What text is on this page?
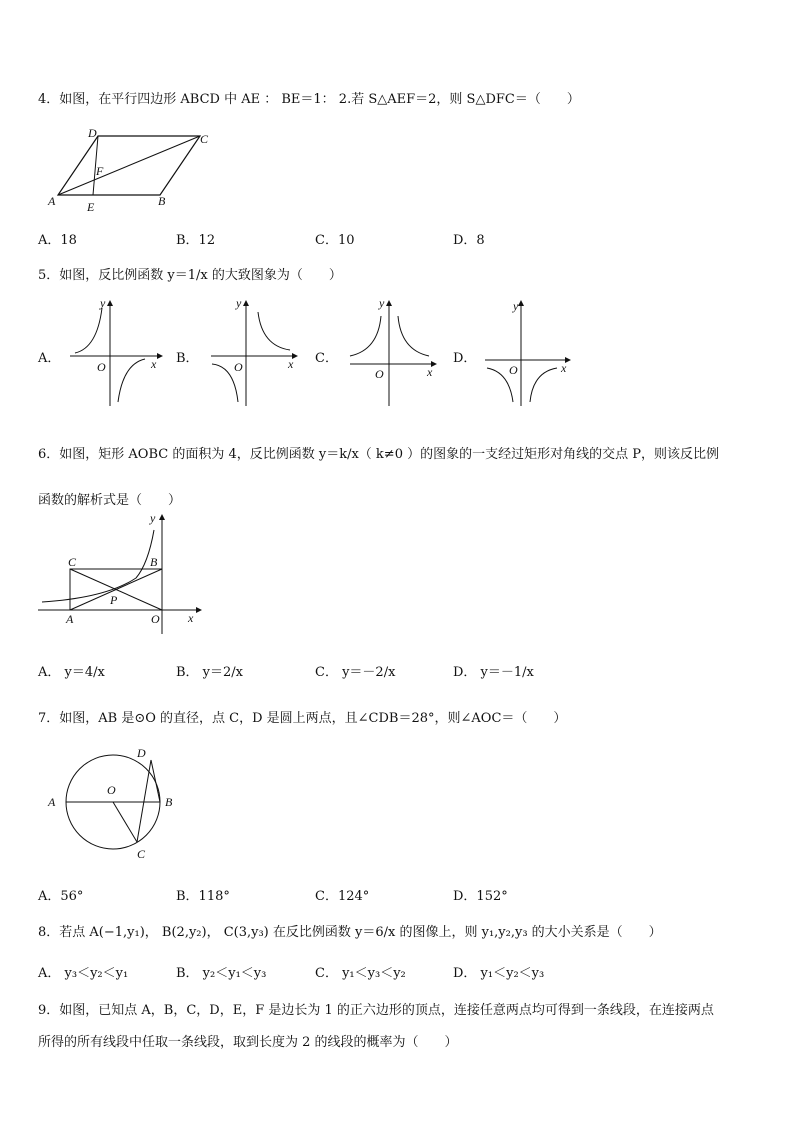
4．如图，在平行四边形 ABCD 中 AE ： BE＝1： 2.若 S△AEF＝2，则 S△DFC＝（　　）
A	B
C
D
E
F
A．18	B．12	C．10	D．8
5．如图，反比例函数 y＝1/x 的大致图象为（　　）
A．
y
x
O
B．
y
x
O
C．
y
x
O
D．
y
x
O
6．如图，矩形 AOBC 的面积为 4，反比例函数 y＝k/x（ k≠0 ）的图象的一支经过矩形对角线的交点 P，则该反比例
函数的解析式是（　　）
C	B
A	O
P
x
y
A． y＝4/x	B． y＝2/x	C． y＝－2/x	D． y＝－1/x
7．如图，AB 是⊙O 的直径，点 C，D 是圆上两点，且∠CDB＝28°，则∠AOC＝（　　）
A	B
C
D
O
A．56°	B．118°	C．124°	D．152°
8．若点 A(−1,y₁)， B(2,y₂)， C(3,y₃) 在反比例函数 y＝6/x 的图像上，则 y₁,y₂,y₃ 的大小关系是（　　）
A． y₃＜y₂＜y₁	B． y₂＜y₁＜y₃	C． y₁＜y₃＜y₂	D． y₁＜y₂＜y₃
9．如图，已知点 A，B，C，D，E，F 是边长为 1 的正六边形的顶点，连接任意两点均可得到一条线段，在连接两点
所得的所有线段中任取一条线段，取到长度为 2 的线段的概率为（　　）
